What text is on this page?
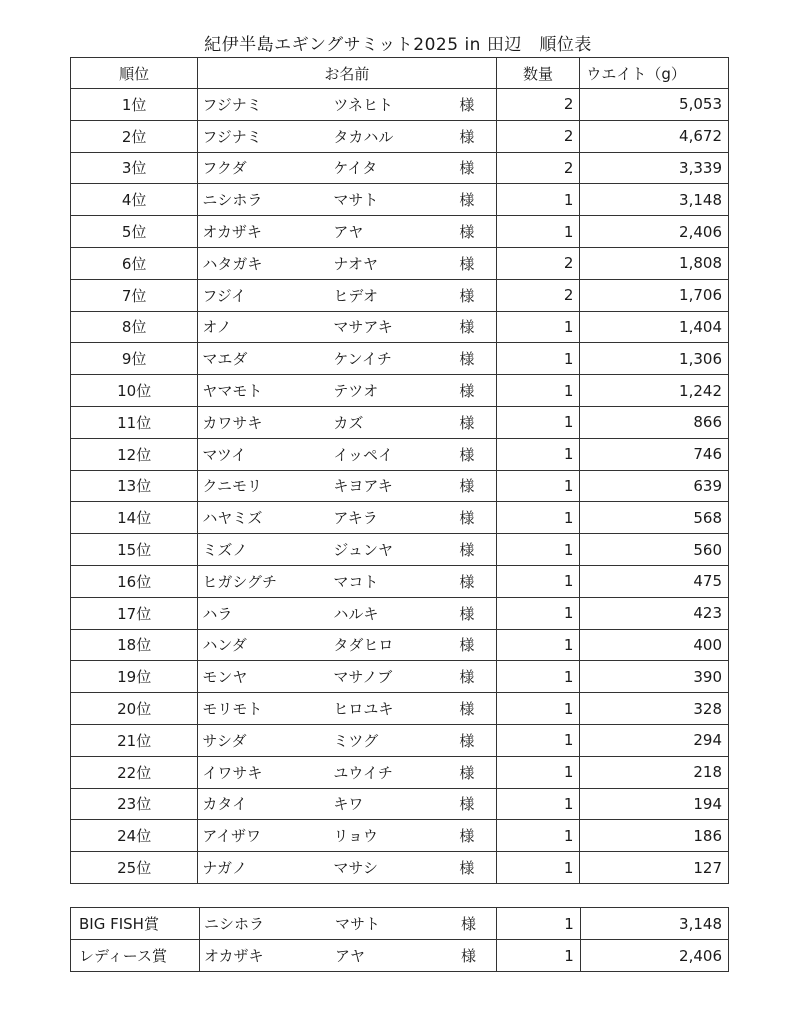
紀伊半島エギングサミット2025 in 田辺　順位表
順位	お名前	数量	ウエイト（g）
1位	フジナミ ツネヒト 様	2	5,053
2位	フジナミ タカハル 様	2	4,672
3位	フクダ ケイタ 様	2	3,339
4位	ニシホラ マサト 様	1	3,148
5位	オカザキ アヤ 様	1	2,406
6位	ハタガキ ナオヤ 様	2	1,808
7位	フジイ ヒデオ 様	2	1,706
8位	オノ マサアキ 様	1	1,404
9位	マエダ ケンイチ 様	1	1,306
10位	ヤマモト テツオ 様	1	1,242
11位	カワサキ カズ 様	1	866
12位	マツイ イッペイ 様	1	746
13位	クニモリ キヨアキ 様	1	639
14位	ハヤミズ アキラ 様	1	568
15位	ミズノ ジュンヤ 様	1	560
16位	ヒガシグチ マコト 様	1	475
17位	ハラ ハルキ 様	1	423
18位	ハンダ タダヒロ 様	1	400
19位	モンヤ マサノブ 様	1	390
20位	モリモト ヒロユキ 様	1	328
21位	サシダ ミツグ 様	1	294
22位	イワサキ ユウイチ 様	1	218
23位	カタイ キワ 様	1	194
24位	アイザワ リョウ 様	1	186
25位	ナガノ マサシ 様	1	127
BIG FISH賞	ニシホラ マサト 様	1	3,148
レディース賞	オカザキ アヤ 様	1	2,406
